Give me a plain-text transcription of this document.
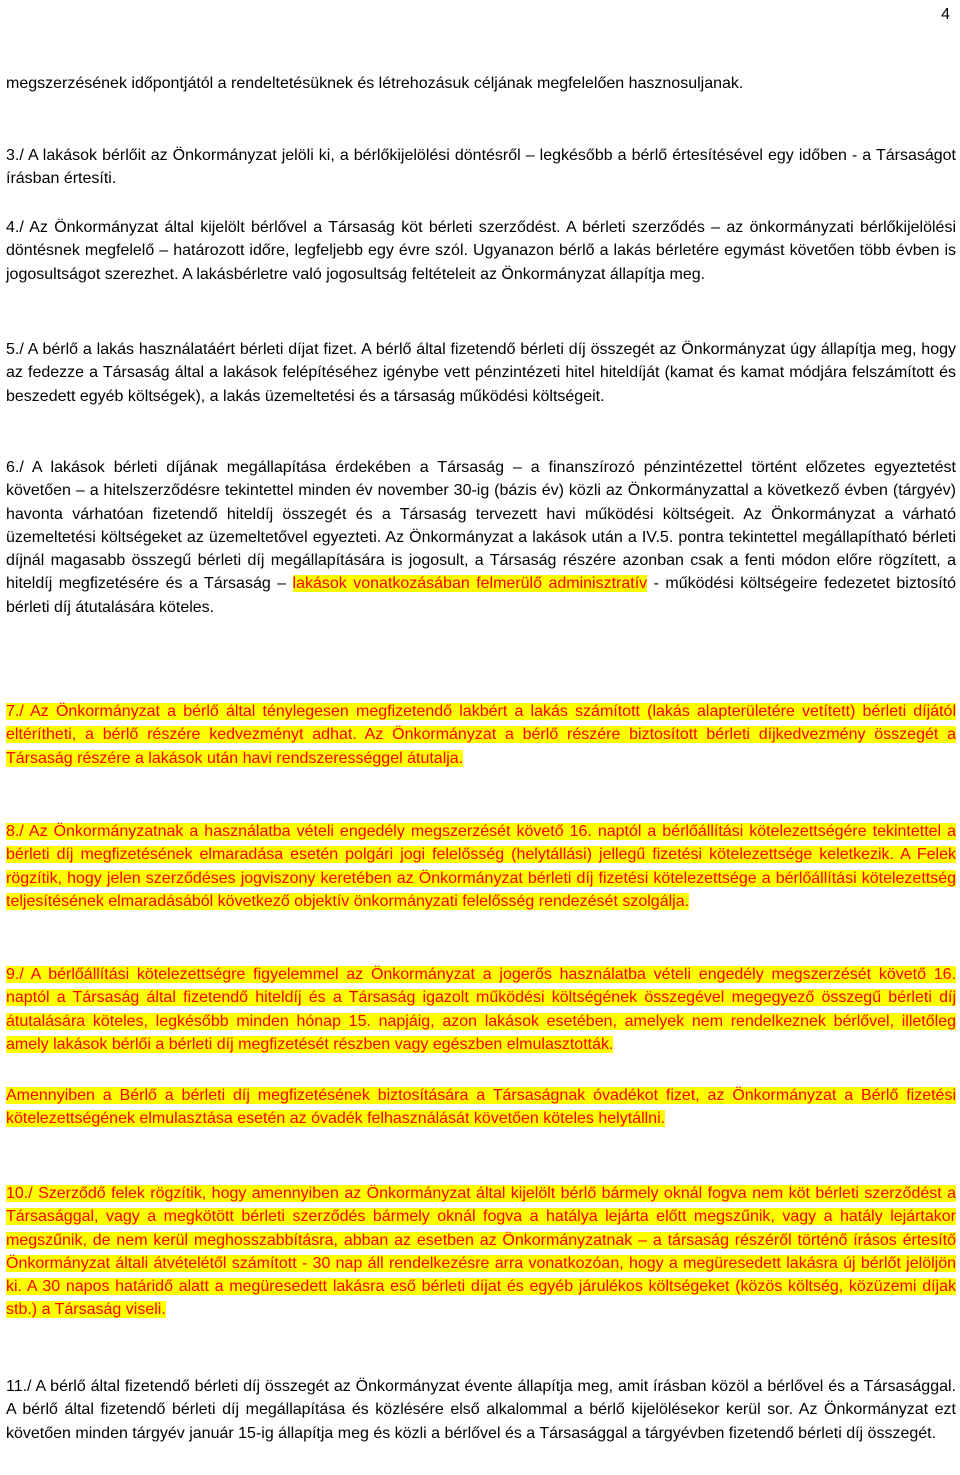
4

megszerzésének időpontjától a rendeltetésüknek és létrehozásuk céljának megfelelően hasznosuljanak.

3./ A lakások bérlőit az Önkormányzat jelöli ki, a bérlőkijelölési döntésről – legkésőbb a bérlő értesítésével egy időben - a Társaságot írásban értesíti.

4./ Az Önkormányzat által kijelölt bérlővel a Társaság köt bérleti szerződést. A bérleti szerződés – az önkormányzati bérlőkijelölési döntésnek megfelelő – határozott időre, legfeljebb egy évre szól. Ugyanazon bérlő a lakás bérletére egymást követően több évben is jogosultságot szerezhet. A lakásbérletre való jogosultság feltételeit az Önkormányzat állapítja meg.

5./ A bérlő a lakás használatáért bérleti díjat fizet. A bérlő által fizetendő bérleti díj összegét az Önkormányzat úgy állapítja meg, hogy az fedezze a Társaság által a lakások felépítéséhez igénybe vett pénzintézeti hitel hiteldíját (kamat és kamat módjára felszámított és beszedett egyéb költségek), a lakás üzemeltetési és a társaság működési költségeit.

6./ A lakások bérleti díjának megállapítása érdekében a Társaság – a finanszírozó pénzintézettel történt előzetes egyeztetést követően – a hitelszerződésre tekintettel minden év november 30-ig (bázis év) közli az Önkormányzattal a következő évben (tárgyév) havonta várhatóan fizetendő hiteldíj összegét és a Társaság tervezett havi működési költségeit. Az Önkormányzat a várható üzemeltetési költségeket az üzemeltetővel egyezteti. Az Önkormányzat a lakások után a IV.5. pontra tekintettel megállapítható bérleti díjnál magasabb összegű bérleti díj megállapítására is jogosult, a Társaság részére azonban csak a fenti módon előre rögzített, a hiteldíj megfizetésére és a Társaság – lakások vonatkozásában felmerülő adminisztratív - működési költségeire fedezetet biztosító bérleti díj átutalására köteles.

7./ Az Önkormányzat a bérlő által ténylegesen megfizetendő lakbért a lakás számított (lakás alapterületére vetített) bérleti díjától eltérítheti, a bérlő részére kedvezményt adhat. Az Önkormányzat a bérlő részére biztosított bérleti díjkedvezmény összegét a Társaság részére a lakások után havi rendszerességgel átutalja.

8./ Az Önkormányzatnak a használatba vételi engedély megszerzését követő 16. naptól a bérlőállítási kötelezettségére tekintettel a bérleti díj megfizetésének elmaradása esetén polgári jogi felelősség (helytállási) jellegű fizetési kötelezettsége keletkezik. A Felek rögzítik, hogy jelen szerződéses jogviszony keretében az Önkormányzat bérleti díj fizetési kötelezettsége a bérlőállítási kötelezettség teljesítésének elmaradásából következő objektív önkormányzati felelősség rendezését szolgálja.

9./ A bérlőállítási kötelezettségre figyelemmel az Önkormányzat a jogerős használatba vételi engedély megszerzését követő 16. naptól a Társaság által fizetendő hiteldíj és a Társaság igazolt működési költségének összegével megegyező összegű bérleti díj átutalására köteles, legkésőbb minden hónap 15. napjáig, azon lakások esetében, amelyek nem rendelkeznek bérlővel, illetőleg amely lakások bérlői a bérleti díj megfizetését részben vagy egészben elmulasztották.

Amennyiben a Bérlő a bérleti díj megfizetésének biztosítására a Társaságnak óvadékot fizet, az Önkormányzat a Bérlő fizetési kötelezettségének elmulasztása esetén az óvadék felhasználását követően köteles helytállni.

10./ Szerződő felek rögzítik, hogy amennyiben az Önkormányzat által kijelölt bérlő bármely oknál fogva nem köt bérleti szerződést a Társasággal, vagy a megkötött bérleti szerződés bármely oknál fogva a hatálya lejárta előtt megszűnik, vagy a hatály lejártakor megszűnik, de nem kerül meghosszabbításra, abban az esetben az Önkormányzatnak – a társaság részéről történő írásos értesítő Önkormányzat általi átvételétől számított - 30 nap áll rendelkezésre arra vonatkozóan, hogy a megüresedett lakásra új bérlőt jelöljön ki. A 30 napos határidő alatt a megüresedett lakásra eső bérleti díjat és egyéb járulékos költségeket (közös költség, közüzemi díjak stb.) a Társaság viseli.

11./ A bérlő által fizetendő bérleti díj összegét az Önkormányzat évente állapítja meg, amit írásban közöl a bérlővel és a Társasággal. A bérlő által fizetendő bérleti díj megállapítása és közlésére első alkalommal a bérlő kijelölésekor kerül sor. Az Önkormányzat ezt követően minden tárgyév január 15-ig állapítja meg és közli a bérlővel és a Társasággal a tárgyévben fizetendő bérleti díj összegét.
